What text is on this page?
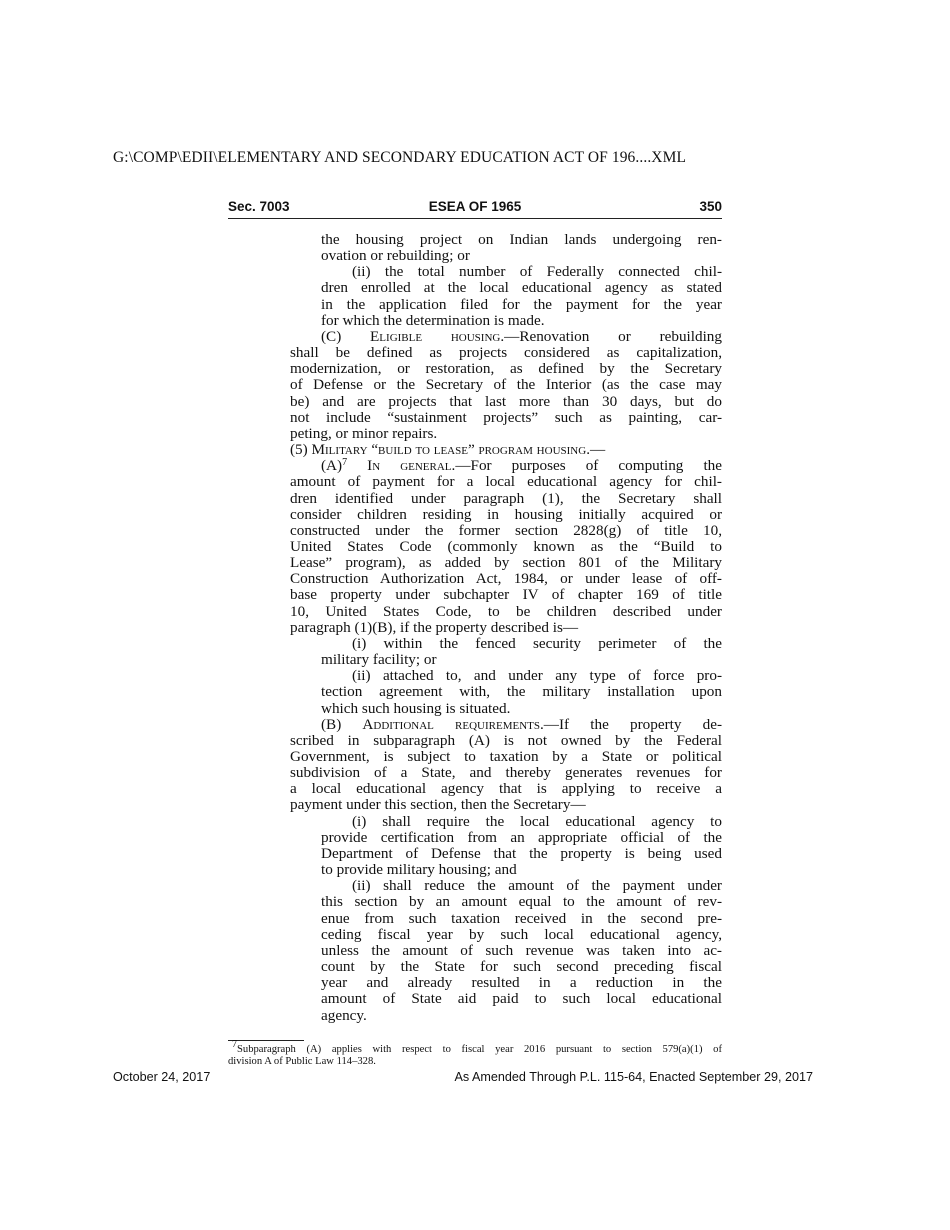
G:\COMP\EDII\ELEMENTARY AND SECONDARY EDUCATION ACT OF 196....XML
Sec. 7003	ESEA OF 1965	350
the housing project on Indian lands undergoing ren-
ovation or rebuilding; or
(ii) the total number of Federally connected chil-
dren enrolled at the local educational agency as stated
in the application filed for the payment for the year
for which the determination is made.
(C) Eligible housing.—Renovation or rebuilding
shall be defined as projects considered as capitalization,
modernization, or restoration, as defined by the Secretary
of Defense or the Secretary of the Interior (as the case may
be) and are projects that last more than 30 days, but do
not include “sustainment projects” such as painting, car-
peting, or minor repairs.
(5) Military “build to lease” program housing.—
$(A)^7$ In general.—For purposes of computing the
amount of payment for a local educational agency for chil-
dren identified under paragraph (1), the Secretary shall
consider children residing in housing initially acquired or
constructed under the former section 2828(g) of title 10,
United States Code (commonly known as the “Build to
Lease” program), as added by section 801 of the Military
Construction Authorization Act, 1984, or under lease of off-
base property under subchapter IV of chapter 169 of title
10, United States Code, to be children described under
paragraph (1)(B), if the property described is—
(i) within the fenced security perimeter of the
military facility; or
(ii) attached to, and under any type of force pro-
tection agreement with, the military installation upon
which such housing is situated.
(B) Additional requirements.—If the property de-
scribed in subparagraph (A) is not owned by the Federal
Government, is subject to taxation by a State or political
subdivision of a State, and thereby generates revenues for
a local educational agency that is applying to receive a
payment under this section, then the Secretary—
(i) shall require the local educational agency to
provide certification from an appropriate official of the
Department of Defense that the property is being used
to provide military housing; and
(ii) shall reduce the amount of the payment under
this section by an amount equal to the amount of rev-
enue from such taxation received in the second pre-
ceding fiscal year by such local educational agency,
unless the amount of such revenue was taken into ac-
count by the State for such second preceding fiscal
year and already resulted in a reduction in the
amount of State aid paid to such local educational
agency.
$^7$Subparagraph (A) applies with respect to fiscal year 2016 pursuant to section 579(a)(1) of
division A of Public Law 114–328.
October 24, 2017	As Amended Through P.L. 115-64, Enacted September 29, 2017
